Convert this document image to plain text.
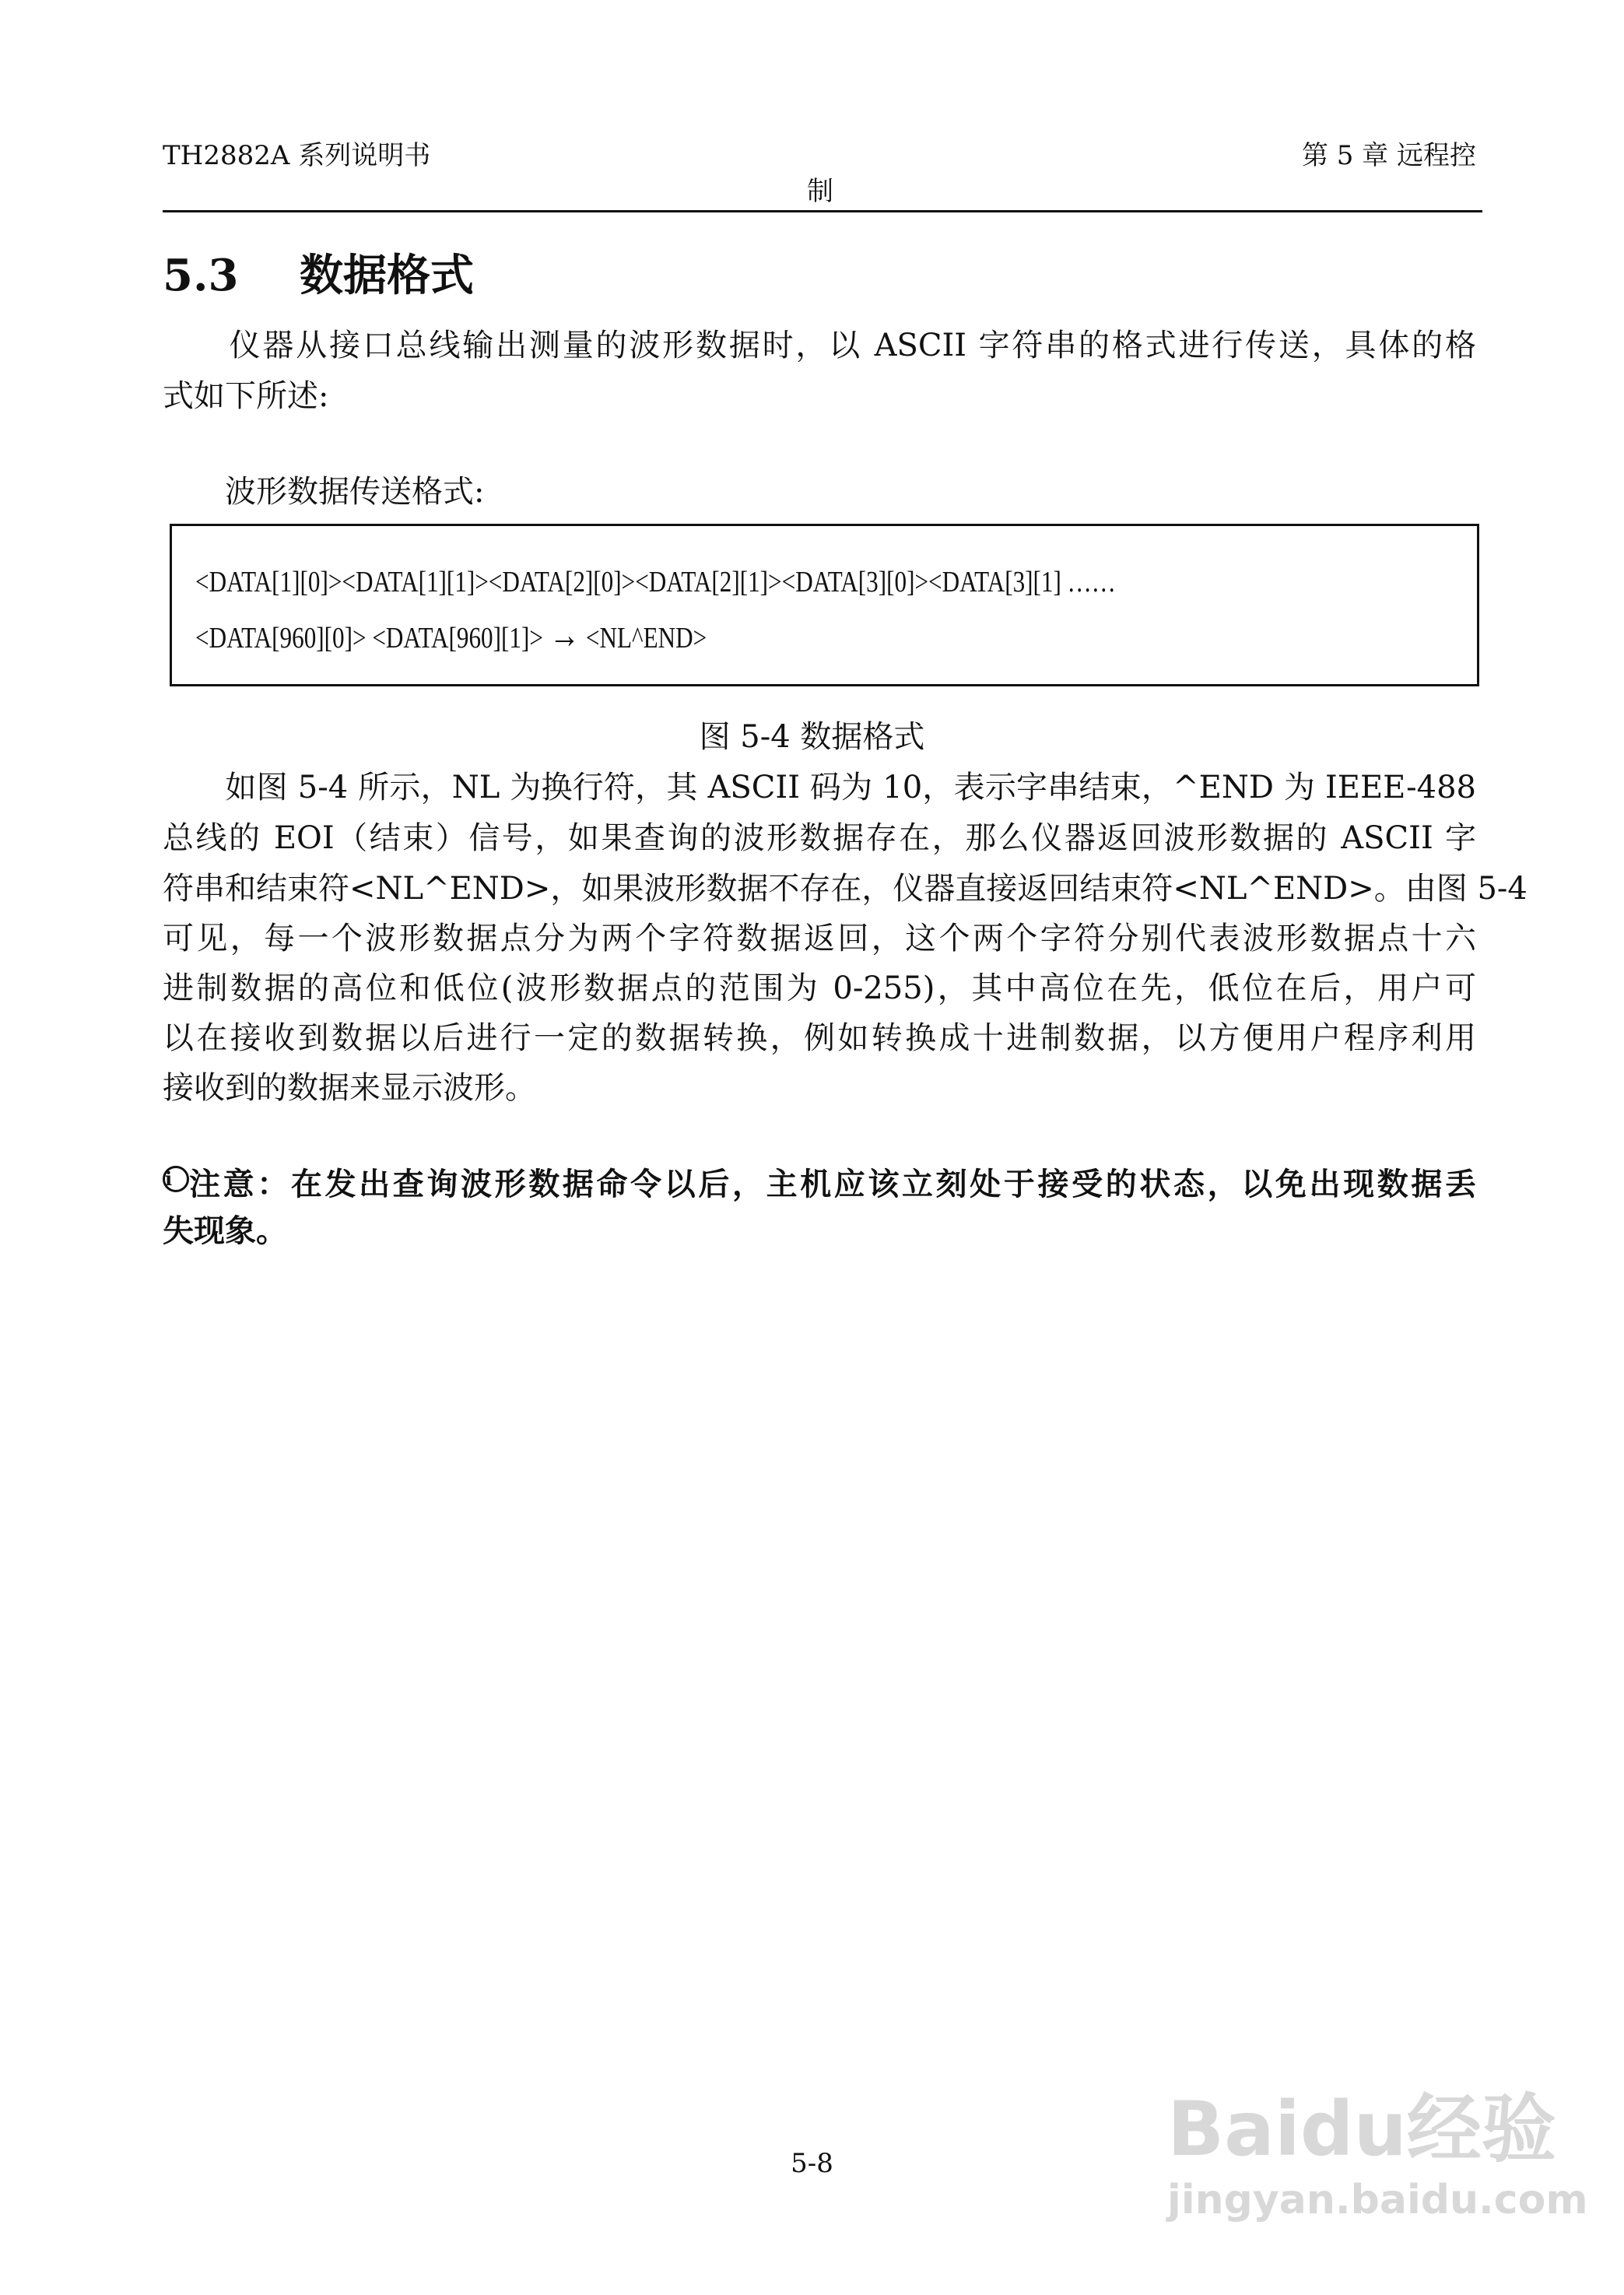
TH2882A 系列说明书	第 5 章 远程控
制
5.3 数据格式
　　仪器从接口总线输出测量的波形数据时，以 ASCII 字符串的格式进行传送，具体的格
式如下所述:
　　波形数据传送格式:
<DATA[1][0]><DATA[1][1]><DATA[2][0]><DATA[2][1]><DATA[3][0]><DATA[3][1] ……
<DATA[960][0]> <DATA[960][1]> → <NL^END>
图 5-4 数据格式
　　如图 5-4 所示，NL 为换行符，其 ASCII 码为 10，表示字串结束，^END 为 IEEE-488
总线的 EOI（结束）信号，如果查询的波形数据存在，那么仪器返回波形数据的 ASCII 字
符串和结束符<NL^END>，如果波形数据不存在，仪器直接返回结束符<NL^END>。由图 5-4
可见，每一个波形数据点分为两个字符数据返回，这个两个字符分别代表波形数据点十六
进制数据的高位和低位(波形数据点的范围为 0-255)，其中高位在先，低位在后，用户可
以在接收到数据以后进行一定的数据转换，例如转换成十进制数据，以方便用户程序利用
接收到的数据来显示波形。
i 注意：在发出查询波形数据命令以后，主机应该立刻处于接受的状态，以免出现数据丢
失现象。
5-8	Baidu经验
jingyan.baidu.com
